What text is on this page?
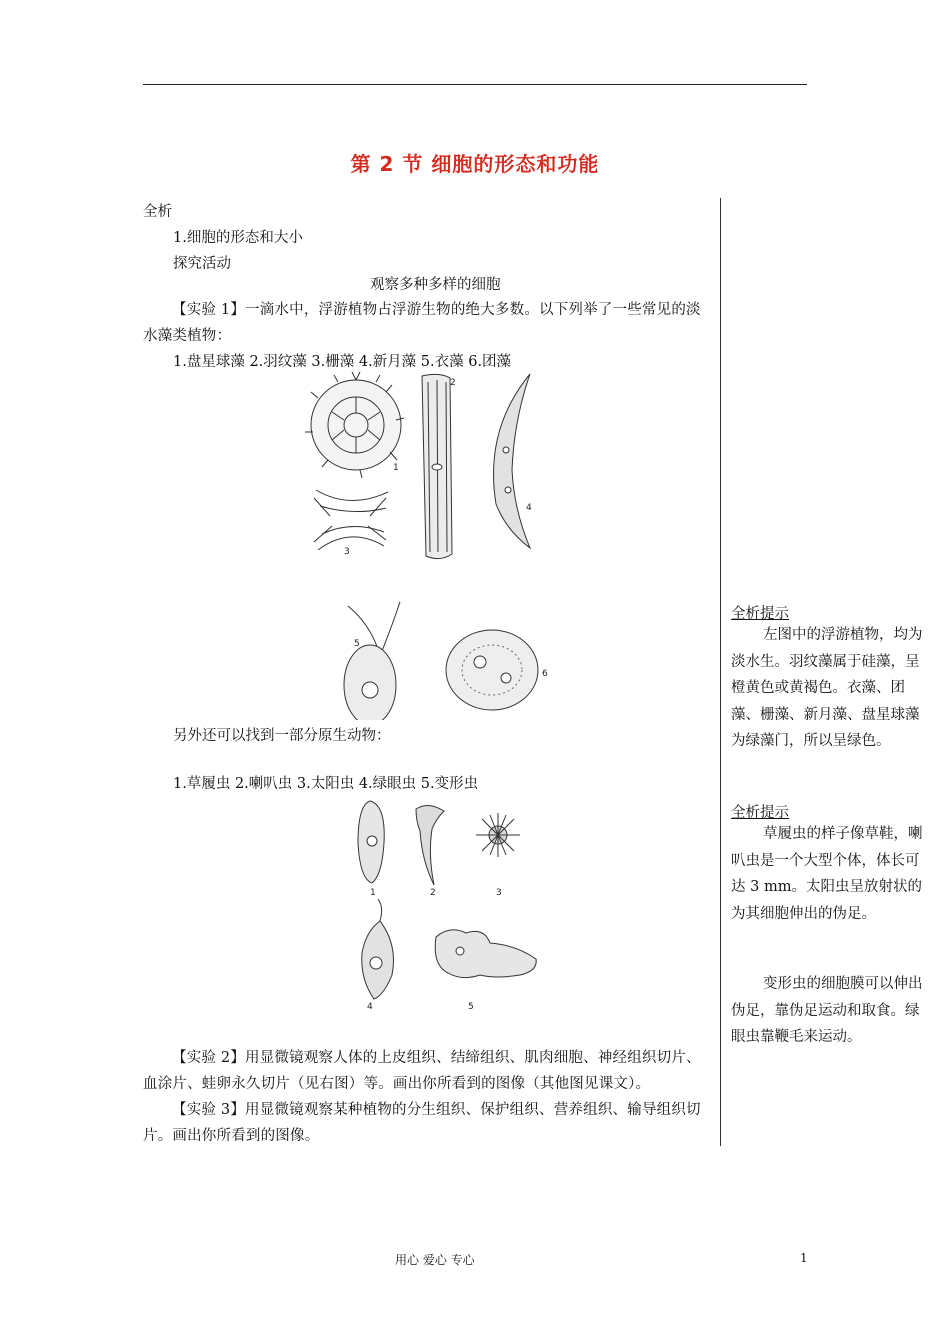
第 2 节 细胞的形态和功能
全析
1.细胞的形态和大小
探究活动
观察多种多样的细胞
【实验 1】一滴水中，浮游植物占浮游生物的绝大多数。以下列举了一些常见的淡水藻类植物：
1.盘星球藻 2.羽纹藻 3.栅藻 4.新月藻 5.衣藻 6.团藻
1
2
3
4
5
6
另外还可以找到一部分原生动物：
1.草履虫 2.喇叭虫 3.太阳虫 4.绿眼虫 5.变形虫
1	2	3
4	5
【实验 2】用显微镜观察人体的上皮组织、结缔组织、肌肉细胞、神经组织切片、血涂片、蛙卵永久切片（见右图）等。画出你所看到的图像（其他图见课文）。
【实验 3】用显微镜观察某种植物的分生组织、保护组织、营养组织、输导组织切片。画出你所看到的图像。
全析提示
左图中的浮游植物，均为淡水生。羽纹藻属于硅藻，呈橙黄色或黄褐色。衣藻、团藻、栅藻、新月藻、盘星球藻为绿藻门，所以呈绿色。
全析提示
草履虫的样子像草鞋，喇叭虫是一个大型个体，体长可达 3 mm。太阳虫呈放射状的为其细胞伸出的伪足。
变形虫的细胞膜可以伸出伪足，靠伪足运动和取食。绿眼虫靠鞭毛来运动。
用心 爱心 专心	1
